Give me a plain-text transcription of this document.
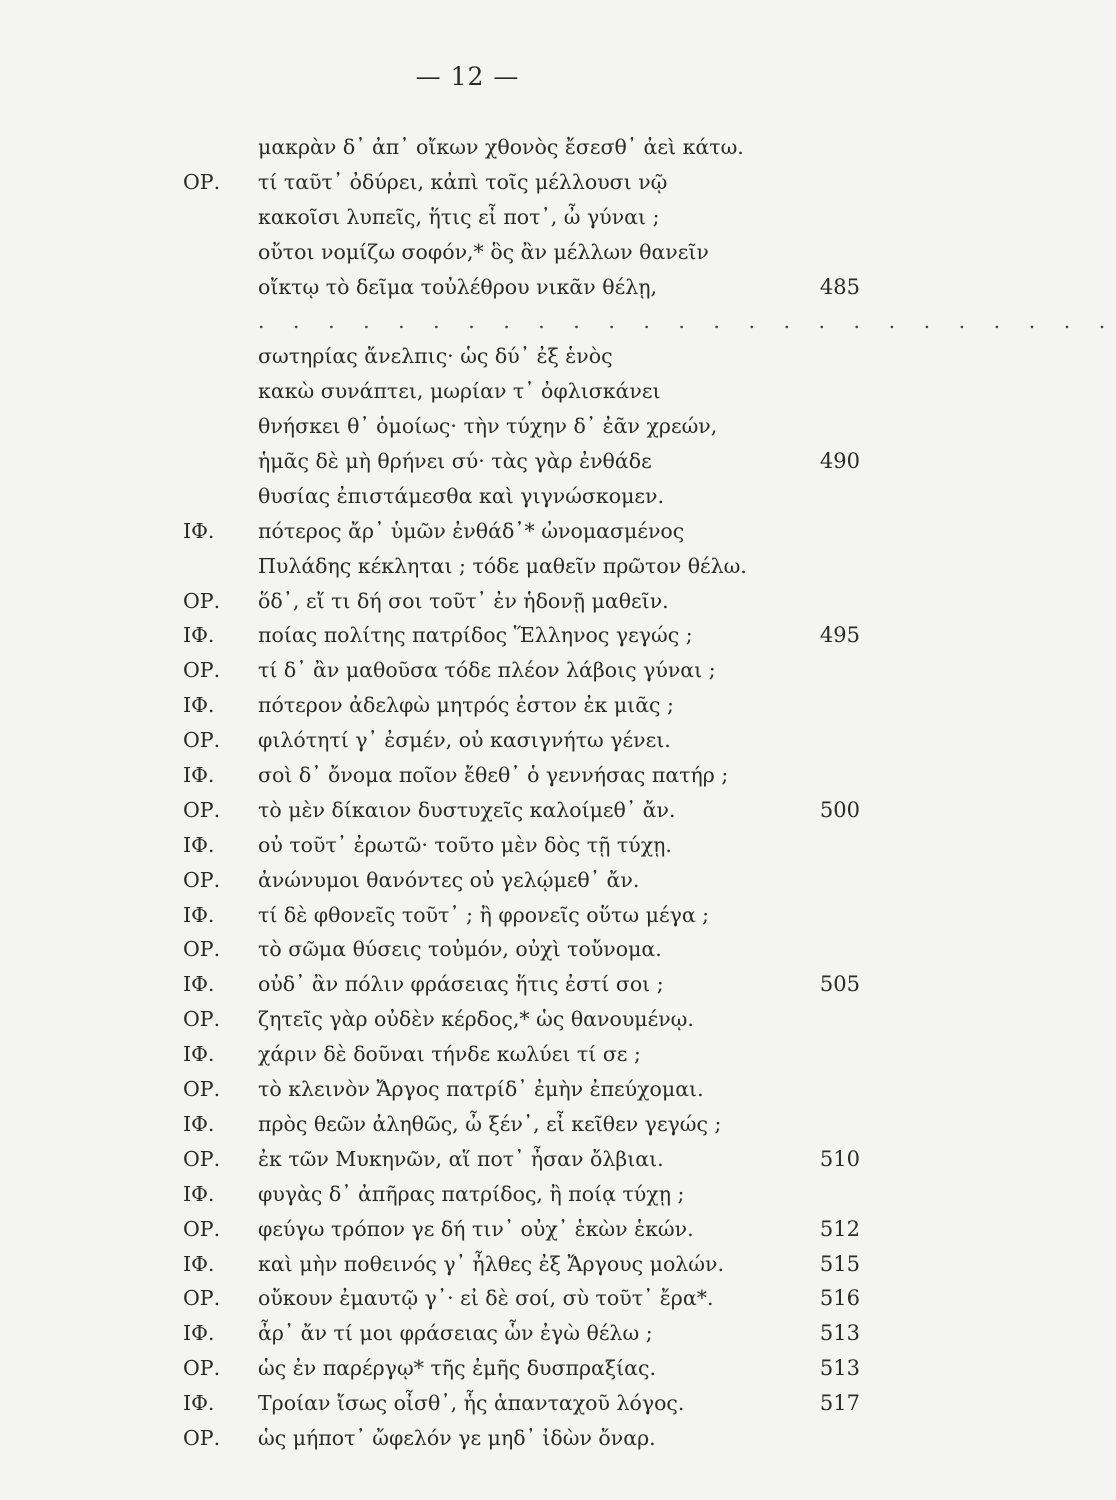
— 12 —
μακρὰν δ᾽ ἀπ᾽ οἴκων χθονὸς ἔσεσθ᾽ ἀεὶ κάτω.
ΟΡ. τί ταῦτ᾽ ὀδύρει, κἀπὶ τοῖς μέλλουσι νῷ
κακοῖσι λυπεῖς, ἥτις εἶ ποτ᾽, ὦ γύναι ;
οὔτοι νομίζω σοφόν,* ὃς ἂν μέλλων θανεῖν
οἴκτῳ τὸ δεῖμα τοὐλέθρου νικᾶν θέλῃ,	485
. . . . . . . . . . . . . . . . . . . . . . . . .
σωτηρίας ἄνελπις· ὡς δύ᾽ ἐξ ἑνὸς
κακὼ συνάπτει, μωρίαν τ᾽ ὀφλισκάνει
θνήσκει θ᾽ ὁμοίως· τὴν τύχην δ᾽ ἐᾶν χρεών,
ἡμᾶς δὲ μὴ θρήνει σύ· τὰς γὰρ ἐνθάδε	490
θυσίας ἐπιστάμεσθα καὶ γιγνώσκομεν.
ΙΦ. πότερος ἄρ᾽ ὑμῶν ἐνθάδ᾽* ὠνομασμένος
Πυλάδης κέκληται ; τόδε μαθεῖν πρῶτον θέλω.
ΟΡ. ὅδ᾽, εἴ τι δή σοι τοῦτ᾽ ἐν ἡδονῇ μαθεῖν.
ΙΦ. ποίας πολίτης πατρίδος Ἕλληνος γεγώς ;	495
ΟΡ. τί δ᾽ ἂν μαθοῦσα τόδε πλέον λάβοις γύναι ;
ΙΦ. πότερον ἀδελφὼ μητρός ἐστον ἐκ μιᾶς ;
ΟΡ. φιλότητί γ᾽ ἐσμέν, οὐ κασιγνήτω γένει.
ΙΦ. σοὶ δ᾽ ὄνομα ποῖον ἔθεθ᾽ ὁ γεννήσας πατήρ ;
ΟΡ. τὸ μὲν δίκαιον δυστυχεῖς καλοίμεθ᾽ ἄν.	500
ΙΦ. οὐ τοῦτ᾽ ἐρωτῶ· τοῦτο μὲν δὸς τῇ τύχῃ.
ΟΡ. ἀνώνυμοι θανόντες οὐ γελῴμεθ᾽ ἄν.
ΙΦ. τί δὲ φθονεῖς τοῦτ᾽ ; ἢ φρονεῖς οὕτω μέγα ;
ΟΡ. τὸ σῶμα θύσεις τοὐμόν, οὐχὶ τοὔνομα.
ΙΦ. οὐδ᾽ ἂν πόλιν φράσειας ἥτις ἐστί σοι ;	505
ΟΡ. ζητεῖς γὰρ οὐδὲν κέρδος,* ὡς θανουμένῳ.
ΙΦ. χάριν δὲ δοῦναι τήνδε κωλύει τί σε ;
ΟΡ. τὸ κλεινὸν Ἄργος πατρίδ᾽ ἐμὴν ἐπεύχομαι.
ΙΦ. πρὸς θεῶν ἀληθῶς, ὦ ξέν᾽, εἶ κεῖθεν γεγώς ;
ΟΡ. ἐκ τῶν Μυκηνῶν, αἵ ποτ᾽ ἦσαν ὄλβιαι.	510
ΙΦ. φυγὰς δ᾽ ἀπῆρας πατρίδος, ἢ ποίᾳ τύχῃ ;
ΟΡ. φεύγω τρόπον γε δή τιν᾽ οὐχ᾽ ἑκὼν ἑκών.	512
ΙΦ. καὶ μὴν ποθεινός γ᾽ ἦλθες ἐξ Ἄργους μολών.	515
ΟΡ. οὔκουν ἐμαυτῷ γ᾽· εἰ δὲ σοί, σὺ τοῦτ᾽ ἔρα*.	516
ΙΦ. ἆρ᾽ ἄν τί μοι φράσειας ὧν ἐγὼ θέλω ;	513
ΟΡ. ὡς ἐν παρέργῳ* τῆς ἐμῆς δυσπραξίας.	513
ΙΦ. Τροίαν ἴσως οἶσθ᾽, ἧς ἁπανταχοῦ λόγος.	517
ΟΡ. ὡς μήποτ᾽ ὤφελόν γε μηδ᾽ ἰδὼν ὄναρ.
